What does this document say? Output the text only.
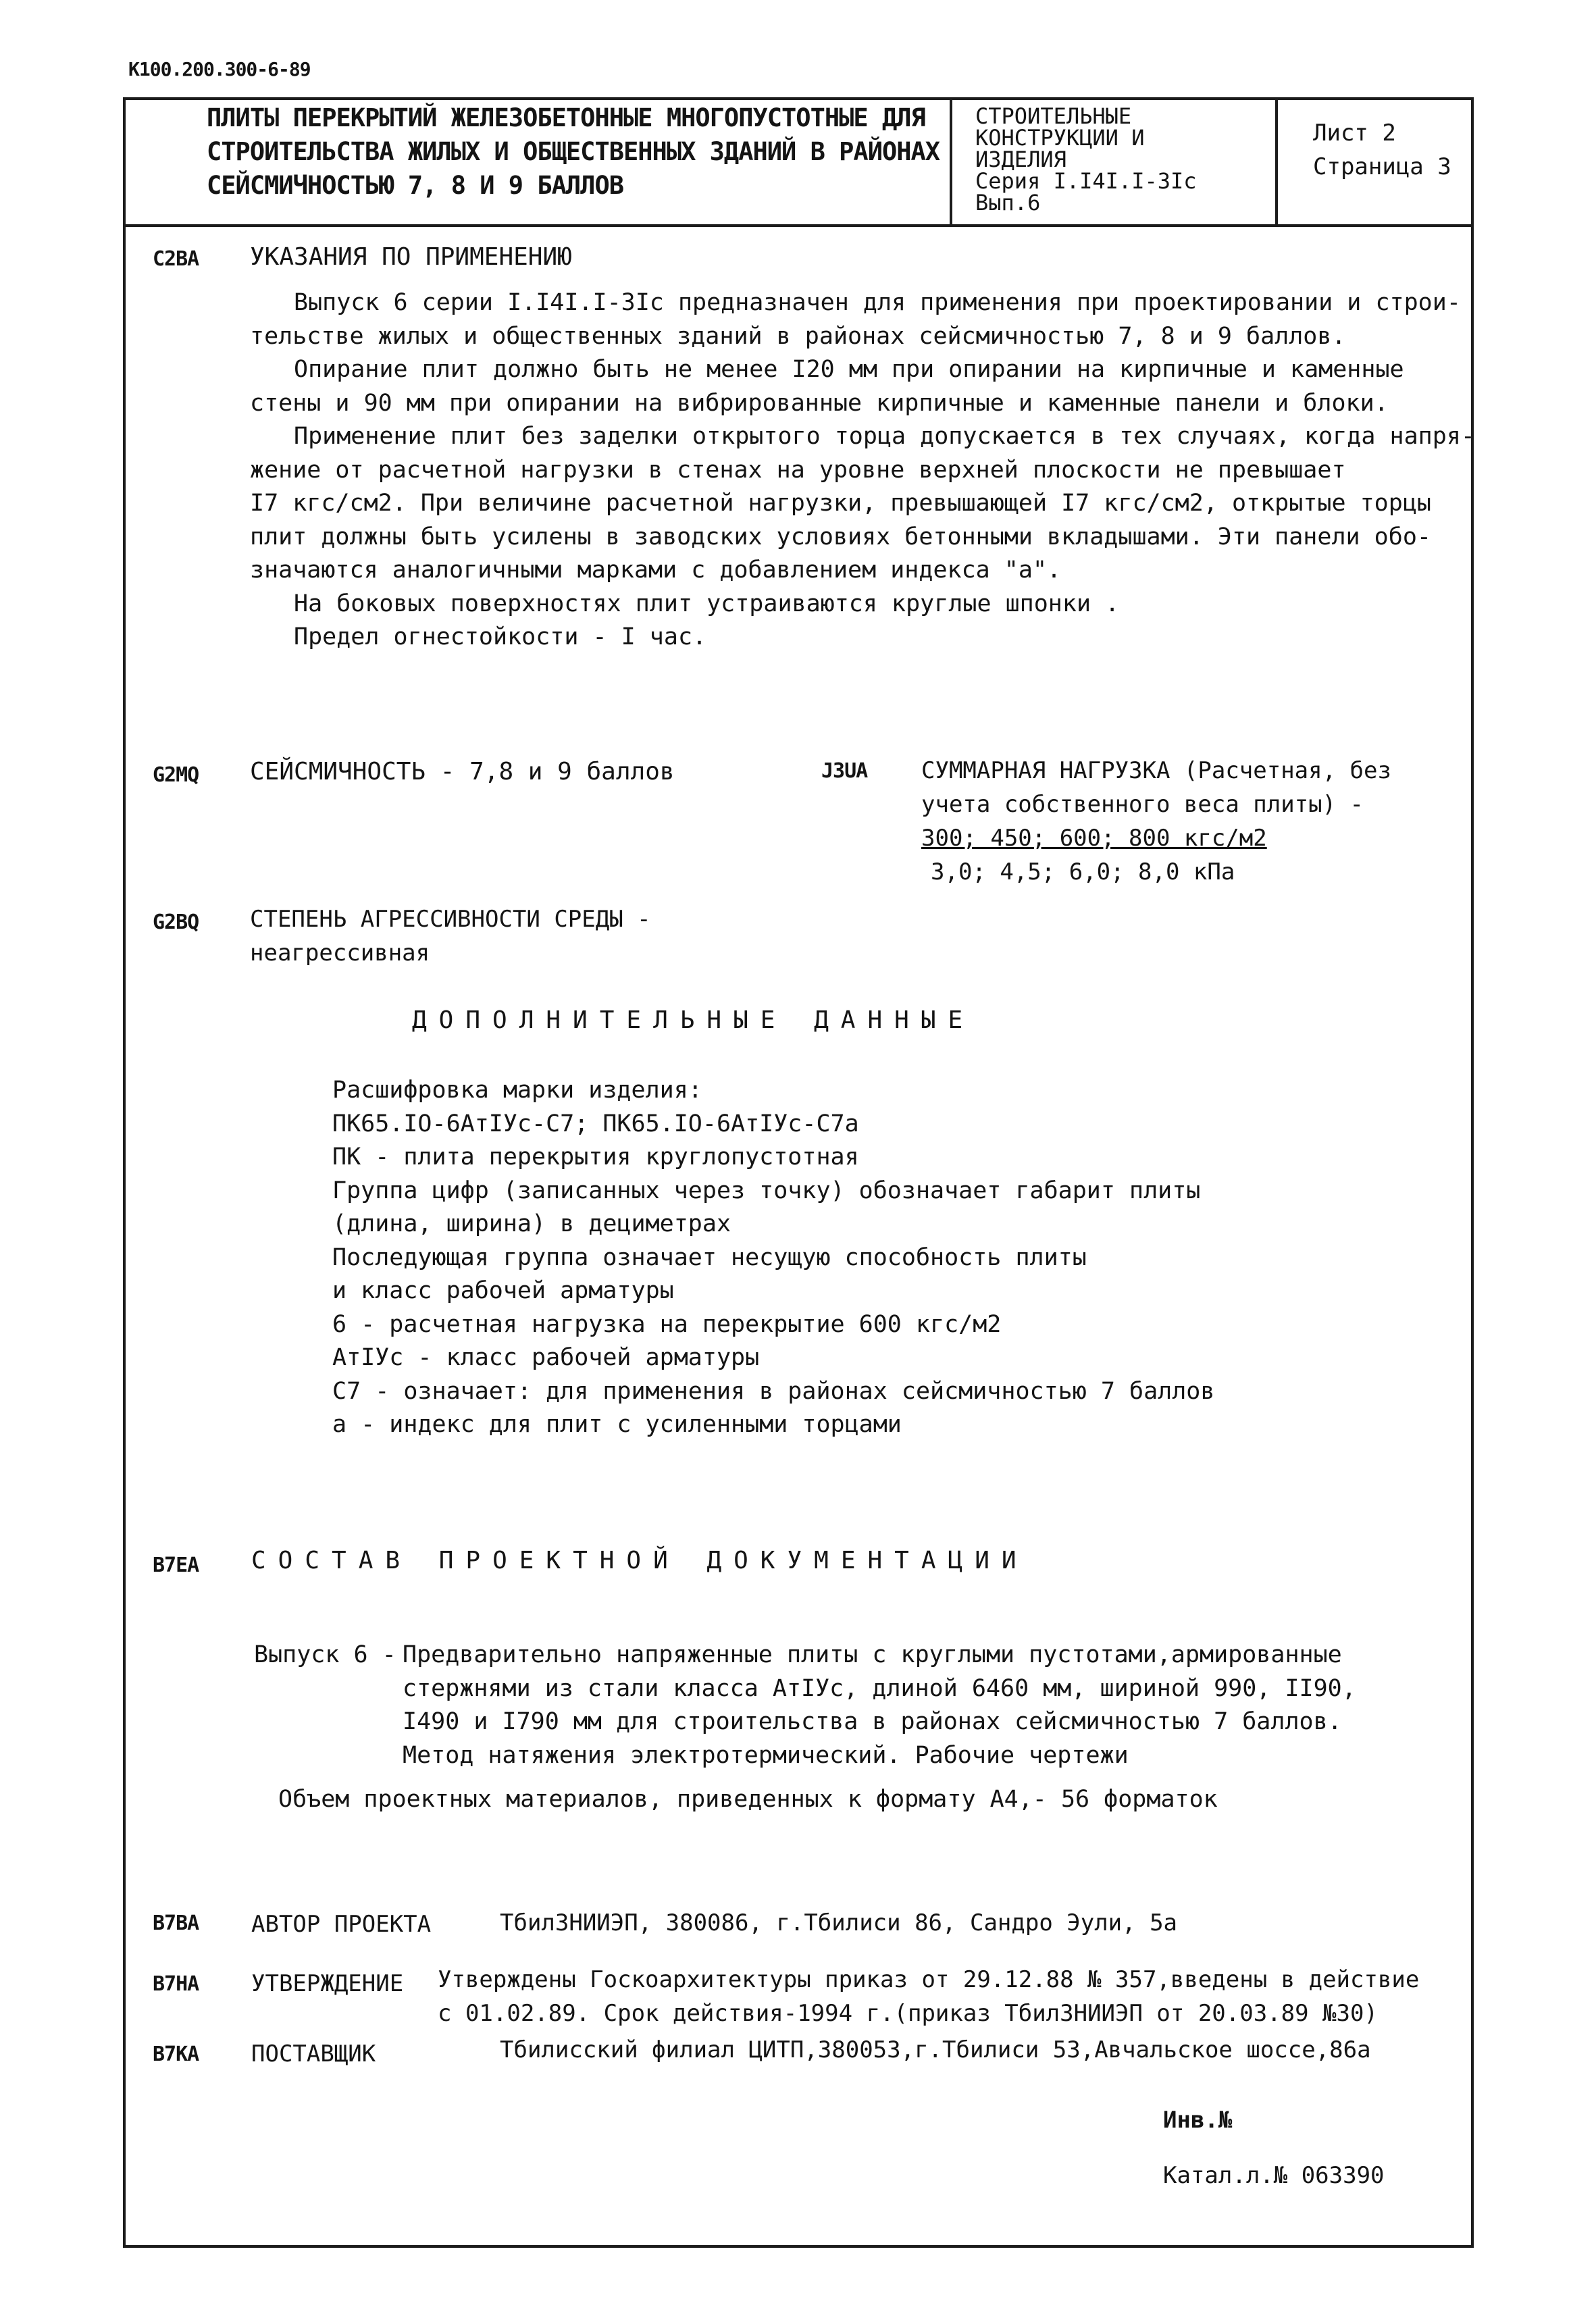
К100.200.300-6-89
ПЛИТЫ ПЕРЕКРЫТИЙ ЖЕЛЕЗОБЕТОННЫЕ МНОГОПУСТОТНЫЕ ДЛЯ
СТРОИТЕЛЬСТВА ЖИЛЫХ И ОБЩЕСТВЕННЫХ ЗДАНИЙ В РАЙОНАХ
СЕЙСМИЧНОСТЬЮ 7, 8 И 9 БАЛЛОВ
СТРОИТЕЛЬНЫЕ
КОНСТРУКЦИИ И
ИЗДЕЛИЯ
Серия I.I4I.I-3Iс
Вып.6
Лист 2
Страница 3
C2BA УКАЗАНИЯ ПО ПРИМЕНЕНИЮ
Выпуск 6 серии I.I4I.I-3Iс предназначен для применения при проектировании и строи-
тельстве жилых и общественных зданий в районах сейсмичностью 7, 8 и 9 баллов.
Опирание плит должно быть не менее I20 мм при опирании на кирпичные и каменные
стены и 90 мм при опирании на вибрированные кирпичные и каменные панели и блоки.
Применение плит без заделки открытого торца допускается в тех случаях, когда напря-
жение от расчетной нагрузки в стенах на уровне верхней плоскости не превышает
I7 кгс/см2. При величине расчетной нагрузки, превышающей I7 кгс/см2, открытые торцы
плит должны быть усилены в заводских условиях бетонными вкладышами. Эти панели обо-
значаются аналогичными марками с добавлением индекса "а".
На боковых поверхностях плит устраиваются круглые шпонки .
Предел огнестойкости - I час.
G2MQ СЕЙСМИЧНОСТЬ - 7,8 и 9 баллов	J3UA СУММАРНАЯ НАГРУЗКА (Расчетная, без
учета собственного веса плиты) -
300; 450; 600; 800 кгс/м2
3,0; 4,5; 6,0; 8,0 кПа
G2BQ СТЕПЕНЬ АГРЕССИВНОСТИ СРЕДЫ -
неагрессивная
ДОПОЛНИТЕЛЬНЫЕ ДАННЫЕ
Расшифровка марки изделия:
ПК65.IO-6АтIУс-С7; ПК65.IO-6АтIУс-С7а
ПК - плита перекрытия круглопустотная
Группа цифр (записанных через точку) обозначает габарит плиты
(длина, ширина) в дециметрах
Последующая группа означает несущую способность плиты
и класс рабочей арматуры
6 - расчетная нагрузка на перекрытие 600 кгс/м2
АтIУс - класс рабочей арматуры
С7 - означает: для применения в районах сейсмичностью 7 баллов
а - индекс для плит с усиленными торцами
B7EA СОСТАВ ПРОЕКТНОЙ ДОКУМЕНТАЦИИ
Выпуск 6 - Предварительно напряженные плиты с круглыми пустотами,армированные
стержнями из стали класса АтIУс, длиной 6460 мм, шириной 990, II90,
I490 и I790 мм для строительства в районах сейсмичностью 7 баллов.
Метод натяжения электротермический. Рабочие чертежи
Объем проектных материалов, приведенных к формату А4,- 56 форматок
B7BA АВТОР ПРОЕКТА	ТбилЗНИИЭП, 380086, г.Тбилиси 86, Сандро Эули, 5а
B7HA УТВЕРЖДЕНИЕ Утверждены Госкоархитектуры приказ от 29.12.88 № 357,введены в действие
с 01.02.89. Срок действия-1994 г.(приказ ТбилЗНИИЭП от 20.03.89 №30)
B7KA ПОСТАВЩИК	Тбилисский филиал ЦИТП,380053,г.Тбилиси 53,Авчальское шоссе,86а
Инв.№
Катал.л.№ 063390
